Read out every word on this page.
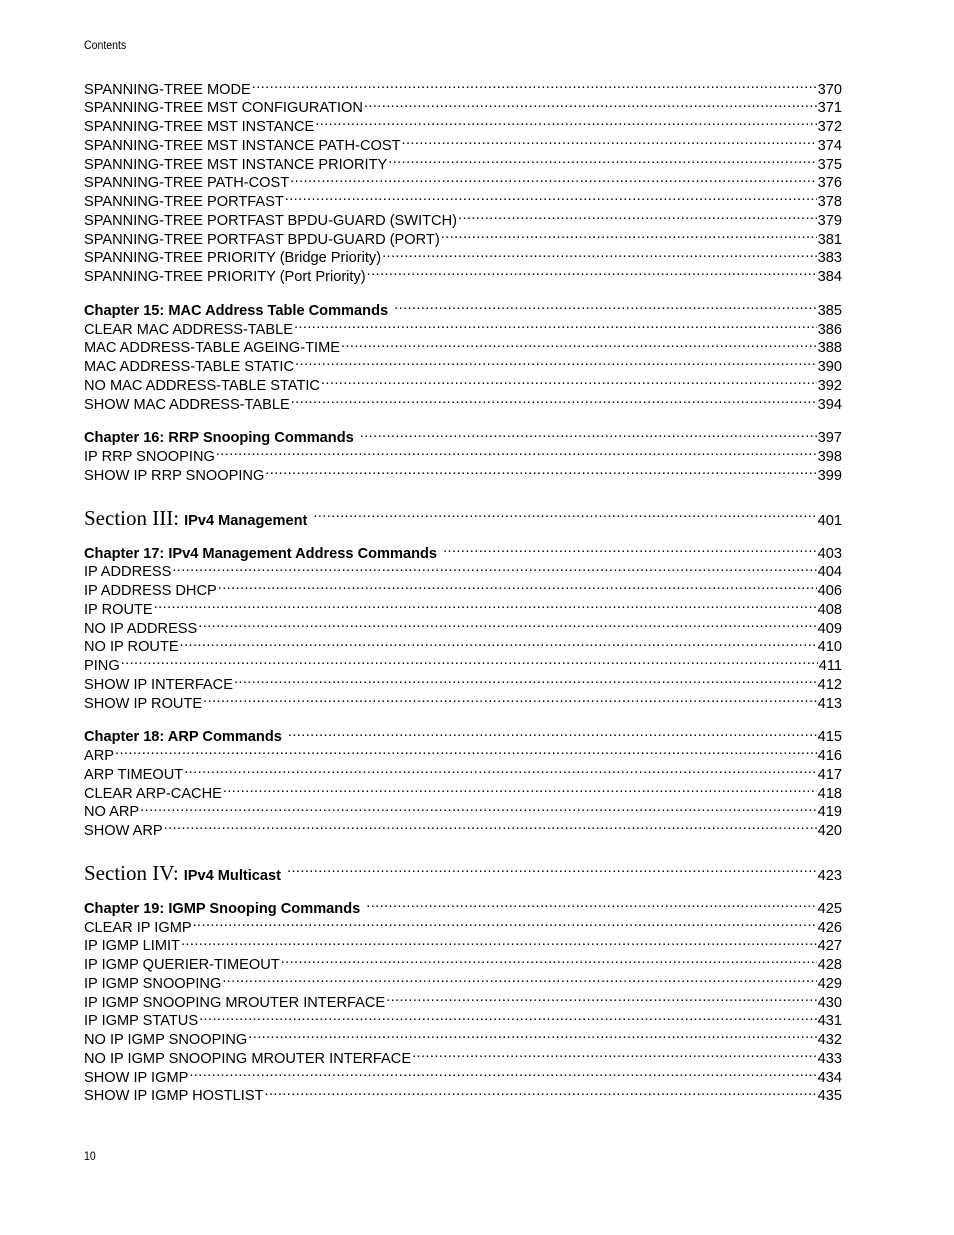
Contents
SPANNING-TREE MODE .....	370
SPANNING-TREE MST CONFIGURATION .....	371
SPANNING-TREE MST INSTANCE .....	372
SPANNING-TREE MST INSTANCE PATH-COST .....	374
SPANNING-TREE MST INSTANCE PRIORITY .....	375
SPANNING-TREE PATH-COST .....	376
SPANNING-TREE PORTFAST .....	378
SPANNING-TREE PORTFAST BPDU-GUARD (SWITCH) .....	379
SPANNING-TREE PORTFAST BPDU-GUARD (PORT) .....	381
SPANNING-TREE PRIORITY (Bridge Priority) .....	383
SPANNING-TREE PRIORITY (Port Priority) .....	384
Chapter 15: MAC Address Table Commands .....	385
CLEAR MAC ADDRESS-TABLE .....	386
MAC ADDRESS-TABLE AGEING-TIME .....	388
MAC ADDRESS-TABLE STATIC .....	390
NO MAC ADDRESS-TABLE STATIC .....	392
SHOW MAC ADDRESS-TABLE .....	394
Chapter 16: RRP Snooping Commands .....	397
IP RRP SNOOPING .....	398
SHOW IP RRP SNOOPING .....	399
Section III: IPv4 Management .....	401
Chapter 17: IPv4 Management Address Commands .....	403
IP ADDRESS .....	404
IP ADDRESS DHCP .....	406
IP ROUTE .....	408
NO IP ADDRESS .....	409
NO IP ROUTE .....	410
PING .....	411
SHOW IP INTERFACE .....	412
SHOW IP ROUTE .....	413
Chapter 18: ARP Commands .....	415
ARP .....	416
ARP TIMEOUT .....	417
CLEAR ARP-CACHE .....	418
NO ARP .....	419
SHOW ARP .....	420
Section IV: IPv4 Multicast .....	423
Chapter 19: IGMP Snooping Commands .....	425
CLEAR IP IGMP .....	426
IP IGMP LIMIT .....	427
IP IGMP QUERIER-TIMEOUT .....	428
IP IGMP SNOOPING .....	429
IP IGMP SNOOPING MROUTER INTERFACE .....	430
IP IGMP STATUS .....	431
NO IP IGMP SNOOPING .....	432
NO IP IGMP SNOOPING MROUTER INTERFACE .....	433
SHOW IP IGMP .....	434
SHOW IP IGMP HOSTLIST .....	435
10
